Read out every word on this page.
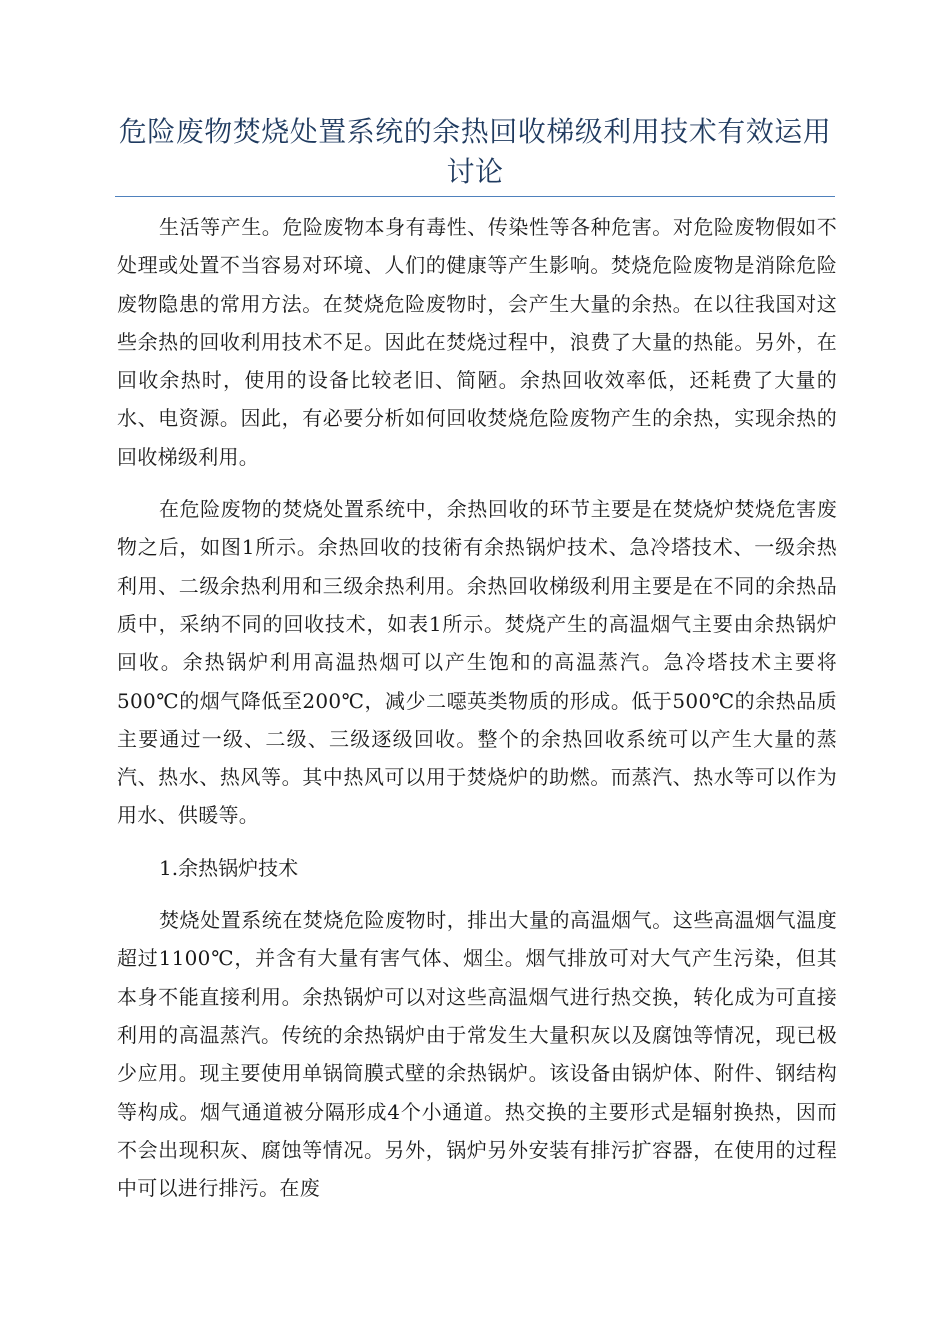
危险废物焚烧处置系统的余热回收梯级利用技术有效运用讨论

生活等产生。危险废物本身有毒性、传染性等各种危害。对危险废物假如不处理或处置不当容易对环境、人们的健康等产生影响。焚烧危险废物是消除危险废物隐患的常用方法。在焚烧危险废物时，会产生大量的余热。在以往我国对这些余热的回收利用技术不足。因此在焚烧过程中，浪费了大量的热能。另外，在回收余热时，使用的设备比较老旧、简陋。余热回收效率低，还耗费了大量的水、电资源。因此，有必要分析如何回收焚烧危险废物产生的余热，实现余热的回收梯级利用。

在危险废物的焚烧处置系统中，余热回收的环节主要是在焚烧炉焚烧危害废物之后，如图1所示。余热回收的技術有余热锅炉技术、急冷塔技术、一级余热利用、二级余热利用和三级余热利用。余热回收梯级利用主要是在不同的余热品质中，采纳不同的回收技术，如表1所示。焚烧产生的高温烟气主要由余热锅炉回收。余热锅炉利用高温热烟可以产生饱和的高温蒸汽。急冷塔技术主要将500℃的烟气降低至200℃，减少二噁英类物质的形成。低于500℃的余热品质主要通过一级、二级、三级逐级回收。整个的余热回收系统可以产生大量的蒸汽、热水、热风等。其中热风可以用于焚烧炉的助燃。而蒸汽、热水等可以作为用水、供暖等。

1.余热锅炉技术

焚烧处置系统在焚烧危险废物时，排出大量的高温烟气。这些高温烟气温度超过1100℃，并含有大量有害气体、烟尘。烟气排放可对大气产生污染，但其本身不能直接利用。余热锅炉可以对这些高温烟气进行热交换，转化成为可直接利用的高温蒸汽。传统的余热锅炉由于常发生大量积灰以及腐蚀等情况，现已极少应用。现主要使用单锅筒膜式壁的余热锅炉。该设备由锅炉体、附件、钢结构等构成。烟气通道被分隔形成4个小通道。热交换的主要形式是辐射换热，因而不会出现积灰、腐蚀等情况。另外，锅炉另外安装有排污扩容器，在使用的过程中可以进行排污。在废
